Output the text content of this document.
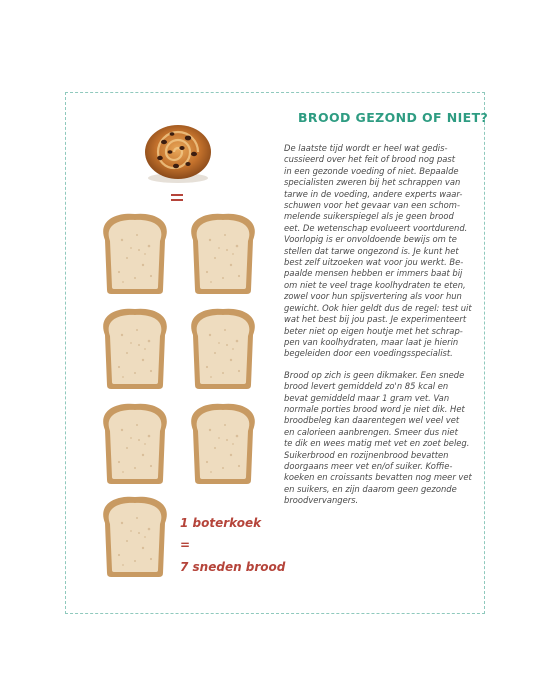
BROOD GEZOND OF NIET?

De laatste tijd wordt er heel wat gedis-
cussieerd over het feit of brood nog past
in een gezonde voeding of niet. Bepaalde
specialisten zweren bij het schrappen van
tarwe in de voeding, andere experts waar-
schuwen voor het gevaar van een schom-
melende suikerspiegel als je geen brood
eet. De wetenschap evolueert voortdurend.
Voorlopig is er onvoldoende bewijs om te
stellen dat tarwe ongezond is. Je kunt het
best zelf uitzoeken wat voor jou werkt. Be-
paalde mensen hebben er immers baat bij
om niet te veel trage koolhydraten te eten,
zowel voor hun spijsvertering als voor hun
gewicht. Ook hier geldt dus de regel: test uit
wat het best bij jou past. Je experimenteert
beter niet op eigen houtje met het schrap-
pen van koolhydraten, maar laat je hierin
begeleiden door een voedingsspecialist.

Brood op zich is geen dikmaker. Een snede
brood levert gemiddeld zo'n 85 kcal en
bevat gemiddeld maar 1 gram vet. Van
normale porties brood word je niet dik. Het
broodbeleg kan daarentegen wel veel vet
en calorieen aanbrengen. Smeer dus niet
te dik en wees matig met vet en zoet beleg.
Suikerbrood en rozijnenbrood bevatten
doorgaans meer vet en/of suiker. Koffie-
koeken en croissants bevatten nog meer vet
en suikers, en zijn daarom geen gezonde
broodvervangers.

1 boterkoek
=
7 sneden brood
